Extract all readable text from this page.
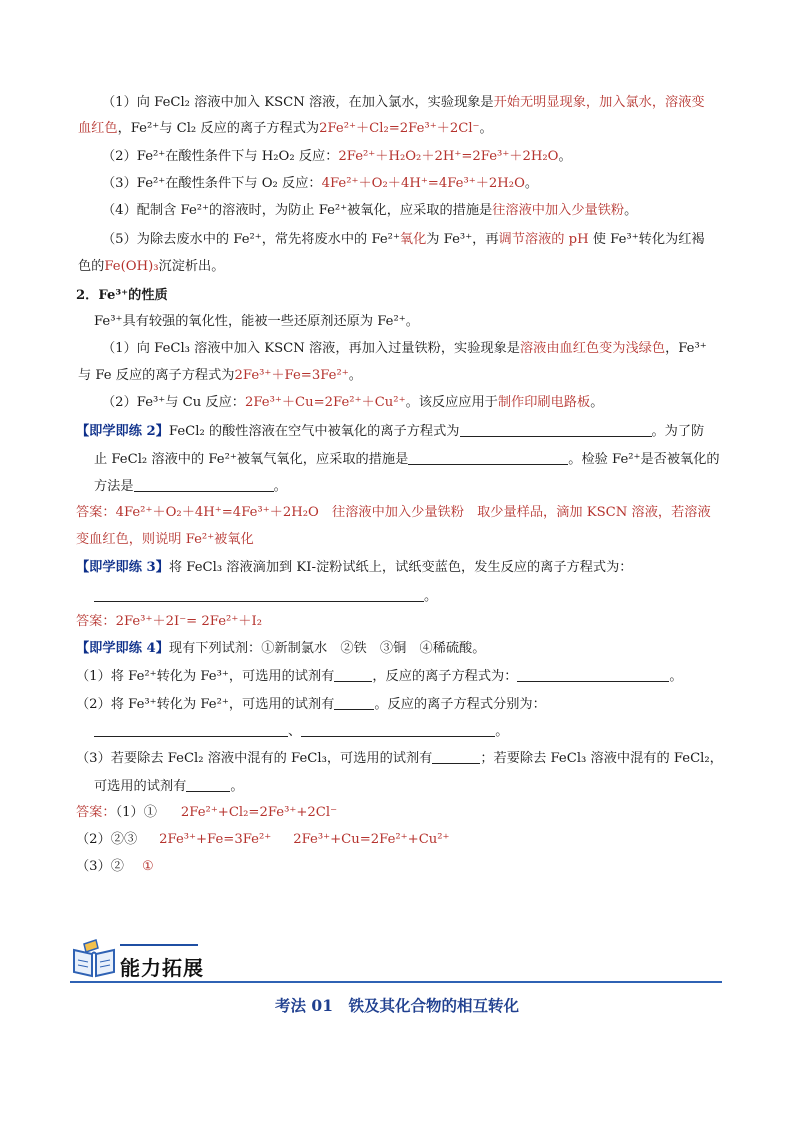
（1）向 FeCl₂ 溶液中加入 KSCN 溶液，在加入氯水，实验现象是开始无明显现象，加入氯水，溶液变
血红色，Fe²⁺与 Cl₂ 反应的离子方程式为2Fe²⁺＋Cl₂=2Fe³⁺＋2Cl⁻。
（2）Fe²⁺在酸性条件下与 H₂O₂ 反应：2Fe²⁺＋H₂O₂＋2H⁺=2Fe³⁺＋2H₂O。
（3）Fe²⁺在酸性条件下与 O₂ 反应：4Fe²⁺＋O₂＋4H⁺=4Fe³⁺＋2H₂O。
（4）配制含 Fe²⁺的溶液时，为防止 Fe²⁺被氧化，应采取的措施是往溶液中加入少量铁粉。
（5）为除去废水中的 Fe²⁺，常先将废水中的 Fe²⁺氧化为 Fe³⁺，再调节溶液的 pH 使 Fe³⁺转化为红褐
色的Fe(OH)₃沉淀析出。
2．Fe³⁺的性质
Fe³⁺具有较强的氧化性，能被一些还原剂还原为 Fe²⁺。
（1）向 FeCl₃ 溶液中加入 KSCN 溶液，再加入过量铁粉，实验现象是溶液由血红色变为浅绿色，Fe³⁺
与 Fe 反应的离子方程式为2Fe³⁺＋Fe=3Fe²⁺。
（2）Fe³⁺与 Cu 反应：2Fe³⁺＋Cu=2Fe²⁺＋Cu²⁺。该反应应用于制作印刷电路板。
【即学即练 2】FeCl₂ 的酸性溶液在空气中被氧化的离子方程式为	。为了防
止 FeCl₂ 溶液中的 Fe²⁺被氧气氧化，应采取的措施是	。检验 Fe²⁺是否被氧化的
方法是	。
答案：4Fe²⁺＋O₂＋4H⁺=4Fe³⁺＋2H₂O　往溶液中加入少量铁粉　取少量样品，滴加 KSCN 溶液，若溶液
变血红色，则说明 Fe²⁺被氧化
【即学即练 3】将 FeCl₃ 溶液滴加到 KI-淀粉试纸上，试纸变蓝色，发生反应的离子方程式为：
。
答案：2Fe³⁺＋2I⁻= 2Fe²⁺＋I₂
【即学即练 4】现有下列试剂：①新制氯水　②铁　③铜　④稀硫酸。
（1）将 Fe²⁺转化为 Fe³⁺，可选用的试剂有	，反应的离子方程式为：	。
（2）将 Fe³⁺转化为 Fe²⁺，可选用的试剂有	。反应的离子方程式分别为：
、	。
（3）若要除去 FeCl₂ 溶液中混有的 FeCl₃，可选用的试剂有	；若要除去 FeCl₃ 溶液中混有的 FeCl₂，
可选用的试剂有	。
答案：（1）① 2Fe²⁺+Cl₂=2Fe³⁺+2Cl⁻
（2）②③ 2Fe³⁺+Fe=3Fe²⁺ 2Fe³⁺+Cu=2Fe²⁺+Cu²⁺
（3）② ①
能力拓展
考法 01　铁及其化合物的相互转化
